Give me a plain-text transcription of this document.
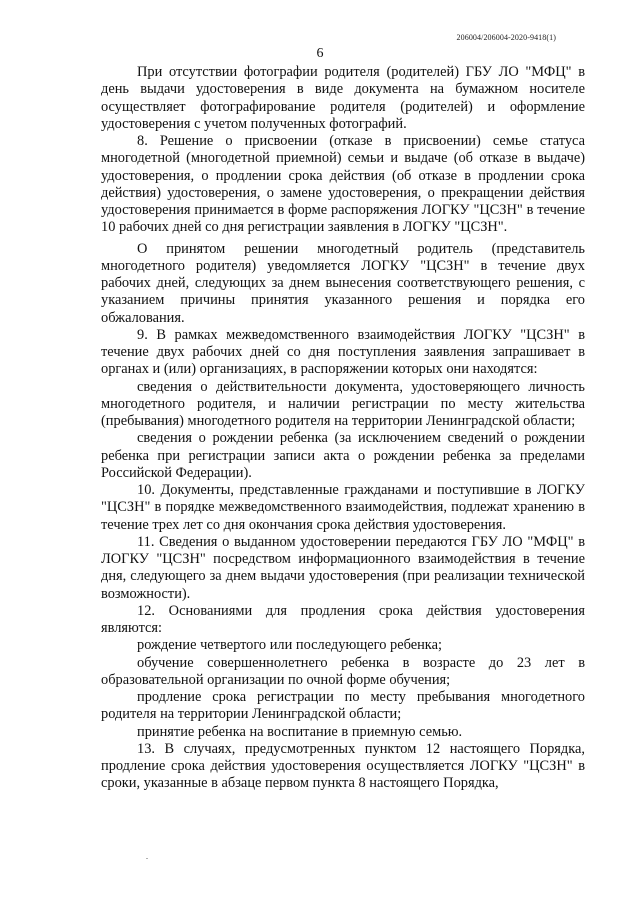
206004/206004-2020-9418(1)
6

При отсутствии фотографии родителя (родителей) ГБУ ЛО "МФЦ" в день выдачи удостоверения в виде документа на бумажном носителе осуществляет фотографирование родителя (родителей) и оформление удостоверения с учетом полученных фотографий.

8. Решение о присвоении (отказе в присвоении) семье статуса многодетной (многодетной приемной) семьи и выдаче (об отказе в выдаче) удостоверения, о продлении срока действия (об отказе в продлении срока действия) удостоверения, о замене удостоверения, о прекращении действия удостоверения принимается в форме распоряжения ЛОГКУ "ЦСЗН" в течение 10 рабочих дней со дня регистрации заявления в ЛОГКУ "ЦСЗН".

О принятом решении многодетный родитель (представитель многодетного родителя) уведомляется ЛОГКУ "ЦСЗН" в течение двух рабочих дней, следующих за днем вынесения соответствующего решения, с указанием причины принятия указанного решения и порядка его обжалования.

9. В рамках межведомственного взаимодействия ЛОГКУ "ЦСЗН" в течение двух рабочих дней со дня поступления заявления запрашивает в органах и (или) организациях, в распоряжении которых они находятся:

сведения о действительности документа, удостоверяющего личность многодетного родителя, и наличии регистрации по месту жительства (пребывания) многодетного родителя на территории Ленинградской области;

сведения о рождении ребенка (за исключением сведений о рождении ребенка при регистрации записи акта о рождении ребенка за пределами Российской Федерации).

10. Документы, представленные гражданами и поступившие в ЛОГКУ "ЦСЗН" в порядке межведомственного взаимодействия, подлежат хранению в течение трех лет со дня окончания срока действия удостоверения.

11. Сведения о выданном удостоверении передаются ГБУ ЛО "МФЦ" в ЛОГКУ "ЦСЗН" посредством информационного взаимодействия в течение дня, следующего за днем выдачи удостоверения (при реализации технической возможности).

12. Основаниями для продления срока действия удостоверения являются:

рождение четвертого или последующего ребенка;

обучение совершеннолетнего ребенка в возрасте до 23 лет в образовательной организации по очной форме обучения;

продление срока регистрации по месту пребывания многодетного родителя на территории Ленинградской области;

принятие ребенка на воспитание в приемную семью.

13. В случаях, предусмотренных пунктом 12 настоящего Порядка, продление срока действия удостоверения осуществляется ЛОГКУ "ЦСЗН" в сроки, указанные в абзаце первом пункта 8 настоящего Порядка,
